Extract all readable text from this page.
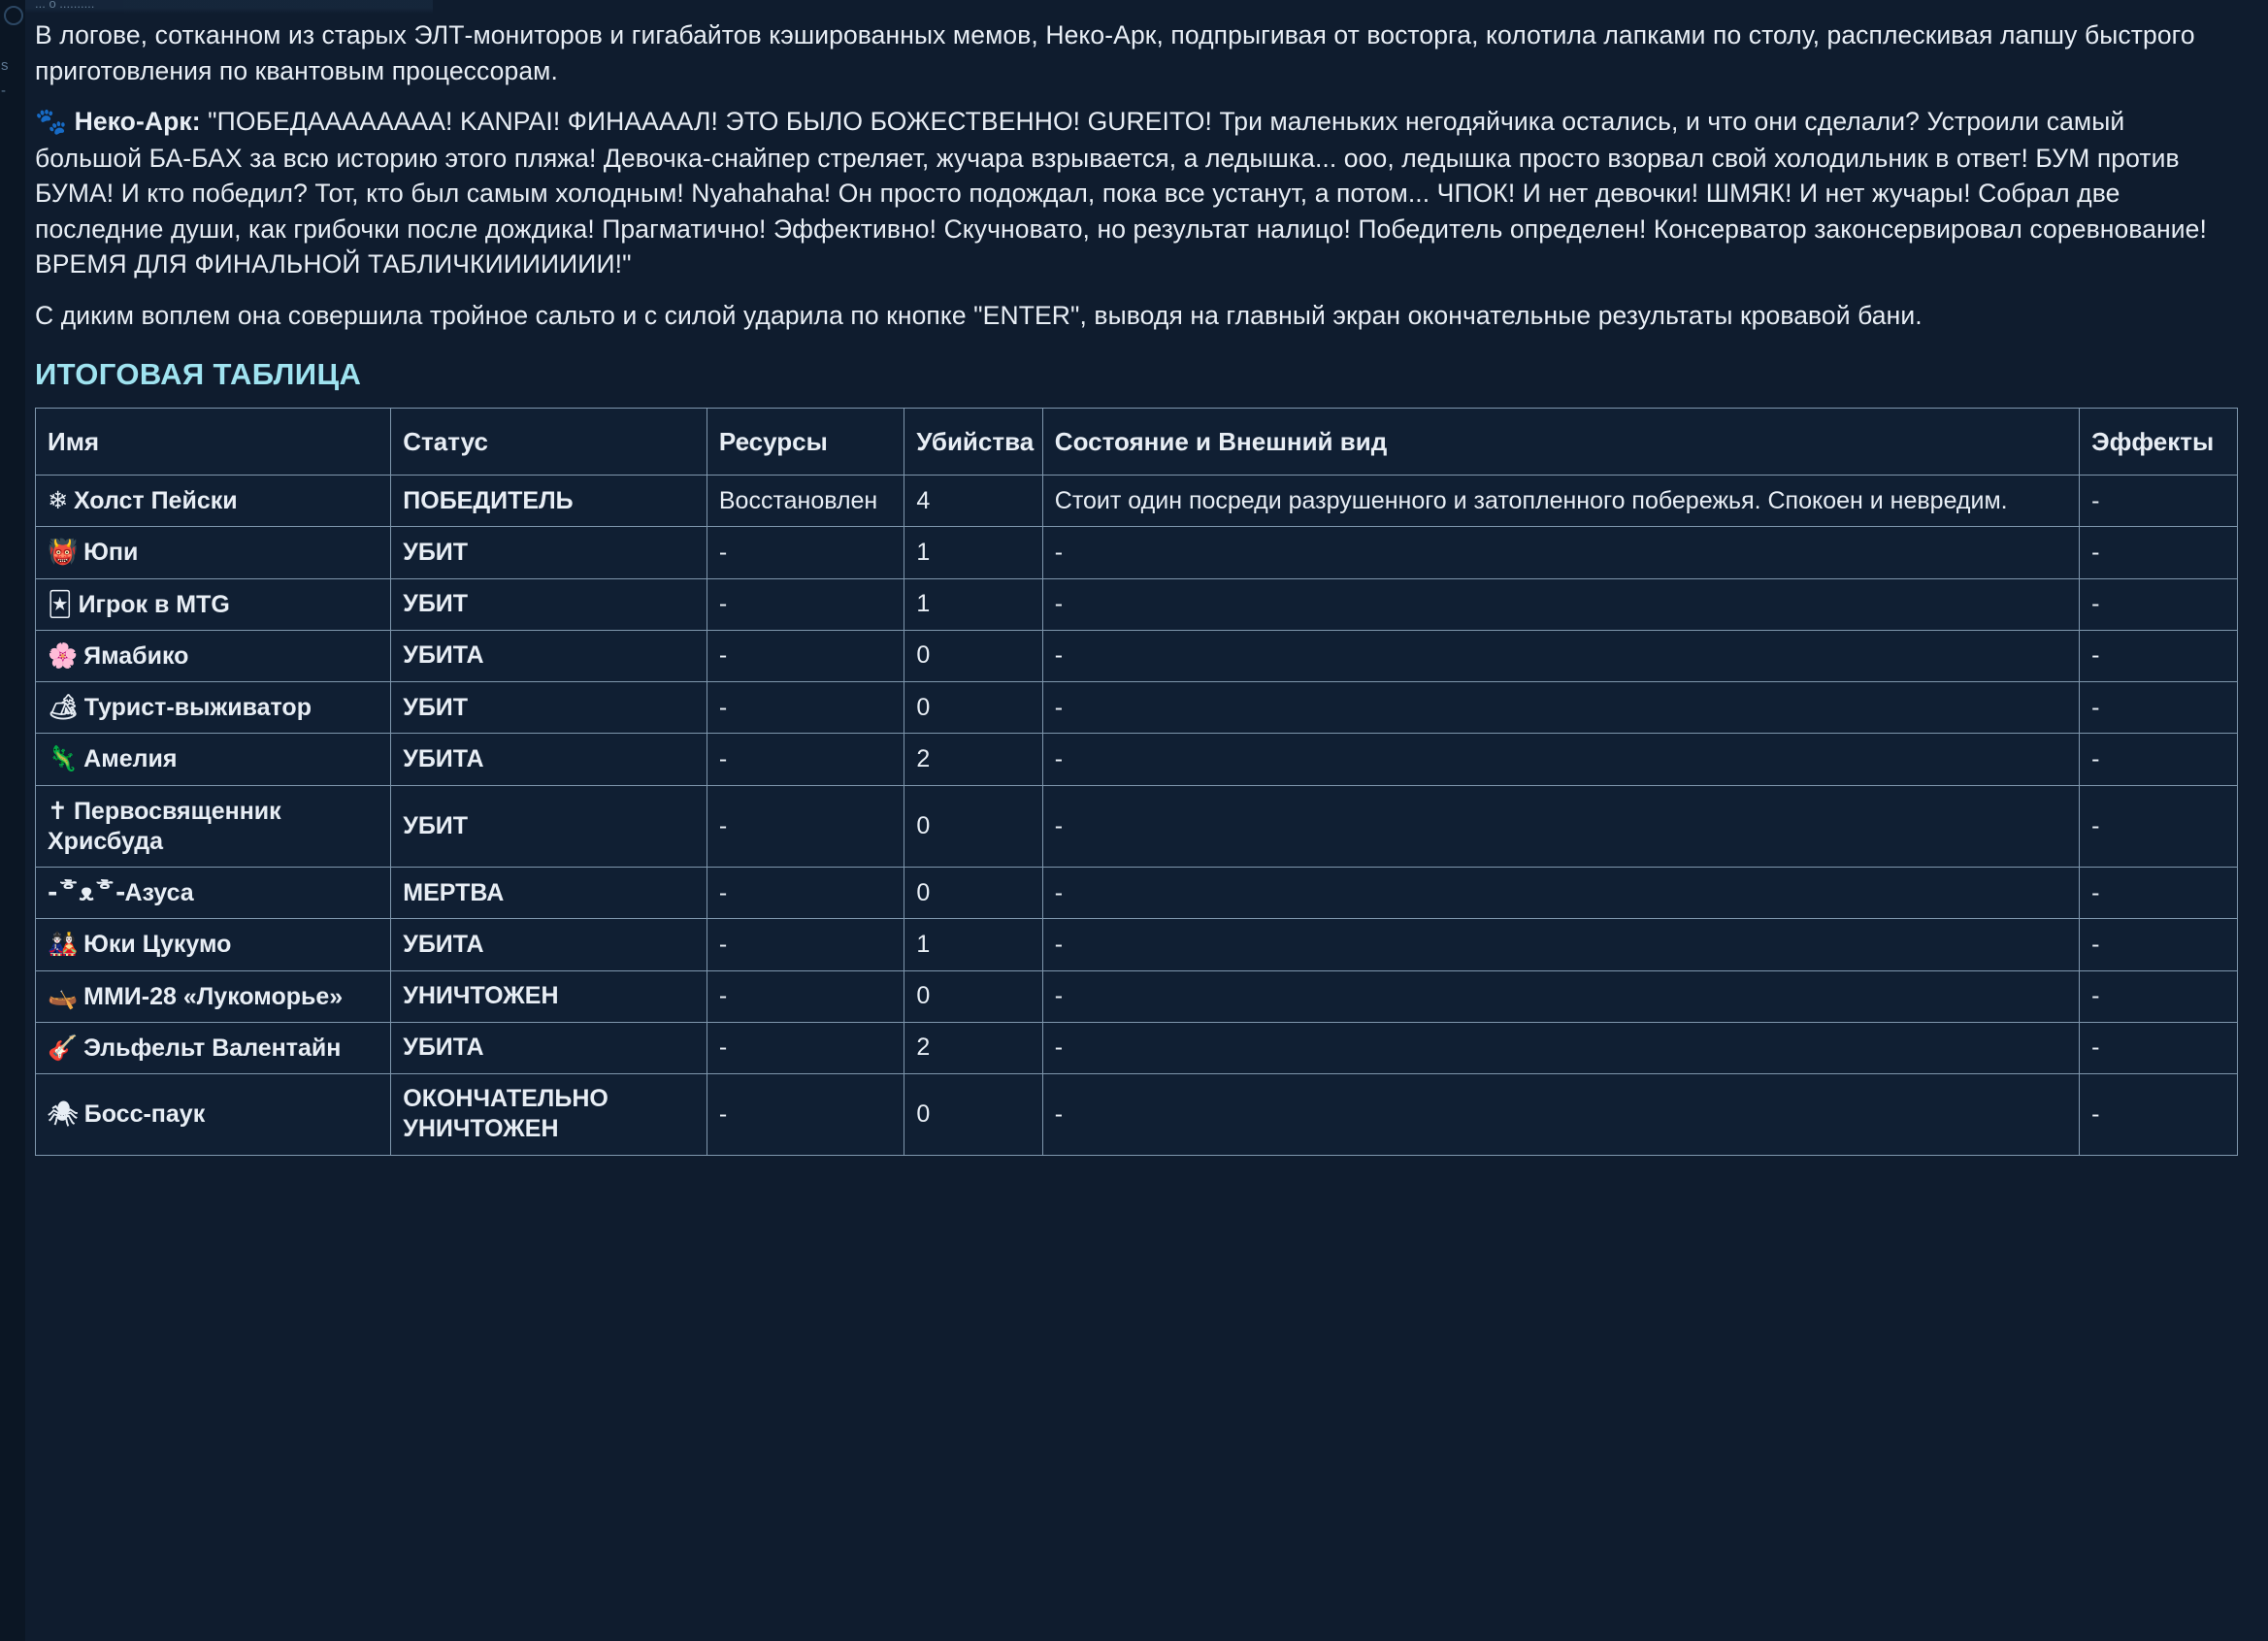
s
-
... o ..........

В логове, сотканном из старых ЭЛТ-мониторов и гигабайтов кэшированных мемов, Неко-Арк, подпрыгивая от восторга, колотила лапками по столу, расплескивая лапшу быстрого приготовления по квантовым процессорам.

🐾 Неко-Арк: "ПОБЕДАААААААА! KANPAI! ФИНААААЛ! ЭТО БЫЛО БОЖЕСТВЕННО! GUREITO! Три маленьких негодяйчика остались, и что они сделали? Устроили самый большой БА-БАХ за всю историю этого пляжа! Девочка-снайпер стреляет, жучара взрывается, а ледышка... ооо, ледышка просто взорвал свой холодильник в ответ! БУМ против БУМА! И кто победил? Тот, кто был самым холодным! Nyahahaha! Он просто подождал, пока все устанут, а потом... ЧПОК! И нет девочки! ШМЯК! И нет жучары! Собрал две последние души, как грибочки после дождика! Прагматично! Эффективно! Скучновато, но результат налицо! Победитель определен! Консерватор законсервировал соревнование! ВРЕМЯ ДЛЯ ФИНАЛЬНОЙ ТАБЛИЧКИИИИИИИ!"

С диким воплем она совершила тройное сальто и с силой ударила по кнопке "ENTER", выводя на главный экран окончательные результаты кровавой бани.

ИТОГОВАЯ ТАБЛИЦА
Имя	Статус	Ресурсы	Убийства	Состояние и Внешний вид	Эффекты
❄ Холст Пейски	ПОБЕДИТЕЛЬ	Восстановлен	4	Стоит один посреди разрушенного и затопленного побережья. Спокоен и невредим.	-
👹 Юпи	УБИТ	-	1	-	-
🃏 Игрок в MTG	УБИТ	-	1	-	-
🌸 Ямабико	УБИТА	-	0	-	-
🏕 Турист-выживатор	УБИТ	-	0	-	-
🦎 Амелия	УБИТА	-	2	-	-
✝ Первосвященник Хрисбуда	УБИТ	-	0	-	-
-ᄒᴥᄒ-Азуса	МЕРТВА	-	0	-	-
🎎 Юки Цукумо	УБИТА	-	1	-	-
🛶 ММИ-28 «Лукоморье»	УНИЧТОЖЕН	-	0	-	-
🎸 Эльфельт Валентайн	УБИТА	-	2	-	-
🕷 Босс-паук	ОКОНЧАТЕЛЬНО УНИЧТОЖЕН	-	0	-	-
